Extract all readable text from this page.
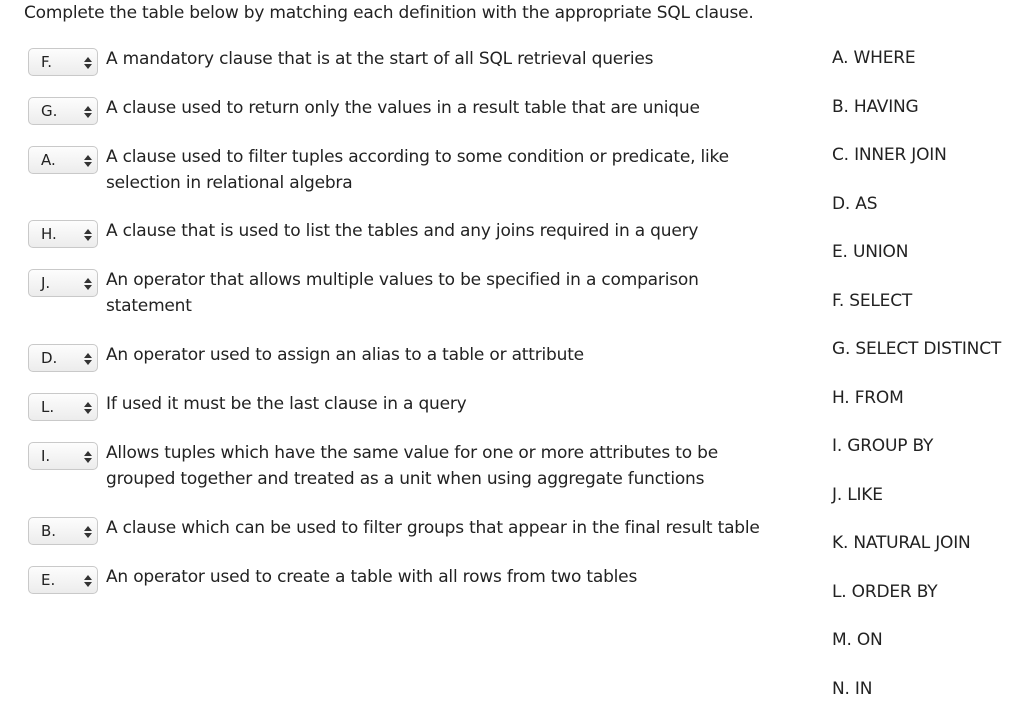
Complete the table below by matching each definition with the appropriate SQL clause.
F.	A mandatory clause that is at the start of all SQL retrieval queries
G.	A clause used to return only the values in a result table that are unique
A.	A clause used to filter tuples according to some condition or predicate, like selection in relational algebra
H.	A clause that is used to list the tables and any joins required in a query
J.	An operator that allows multiple values to be specified in a comparison statement
D.	An operator used to assign an alias to a table or attribute
L.	If used it must be the last clause in a query
I.	Allows tuples which have the same value for one or more attributes to be grouped together and treated as a unit when using aggregate functions
B.	A clause which can be used to filter groups that appear in the final result table
E.	An operator used to create a table with all rows from two tables
A. WHERE
B. HAVING
C. INNER JOIN
D. AS
E. UNION
F. SELECT
G. SELECT DISTINCT
H. FROM
I. GROUP BY
J. LIKE
K. NATURAL JOIN
L. ORDER BY
M. ON
N. IN
